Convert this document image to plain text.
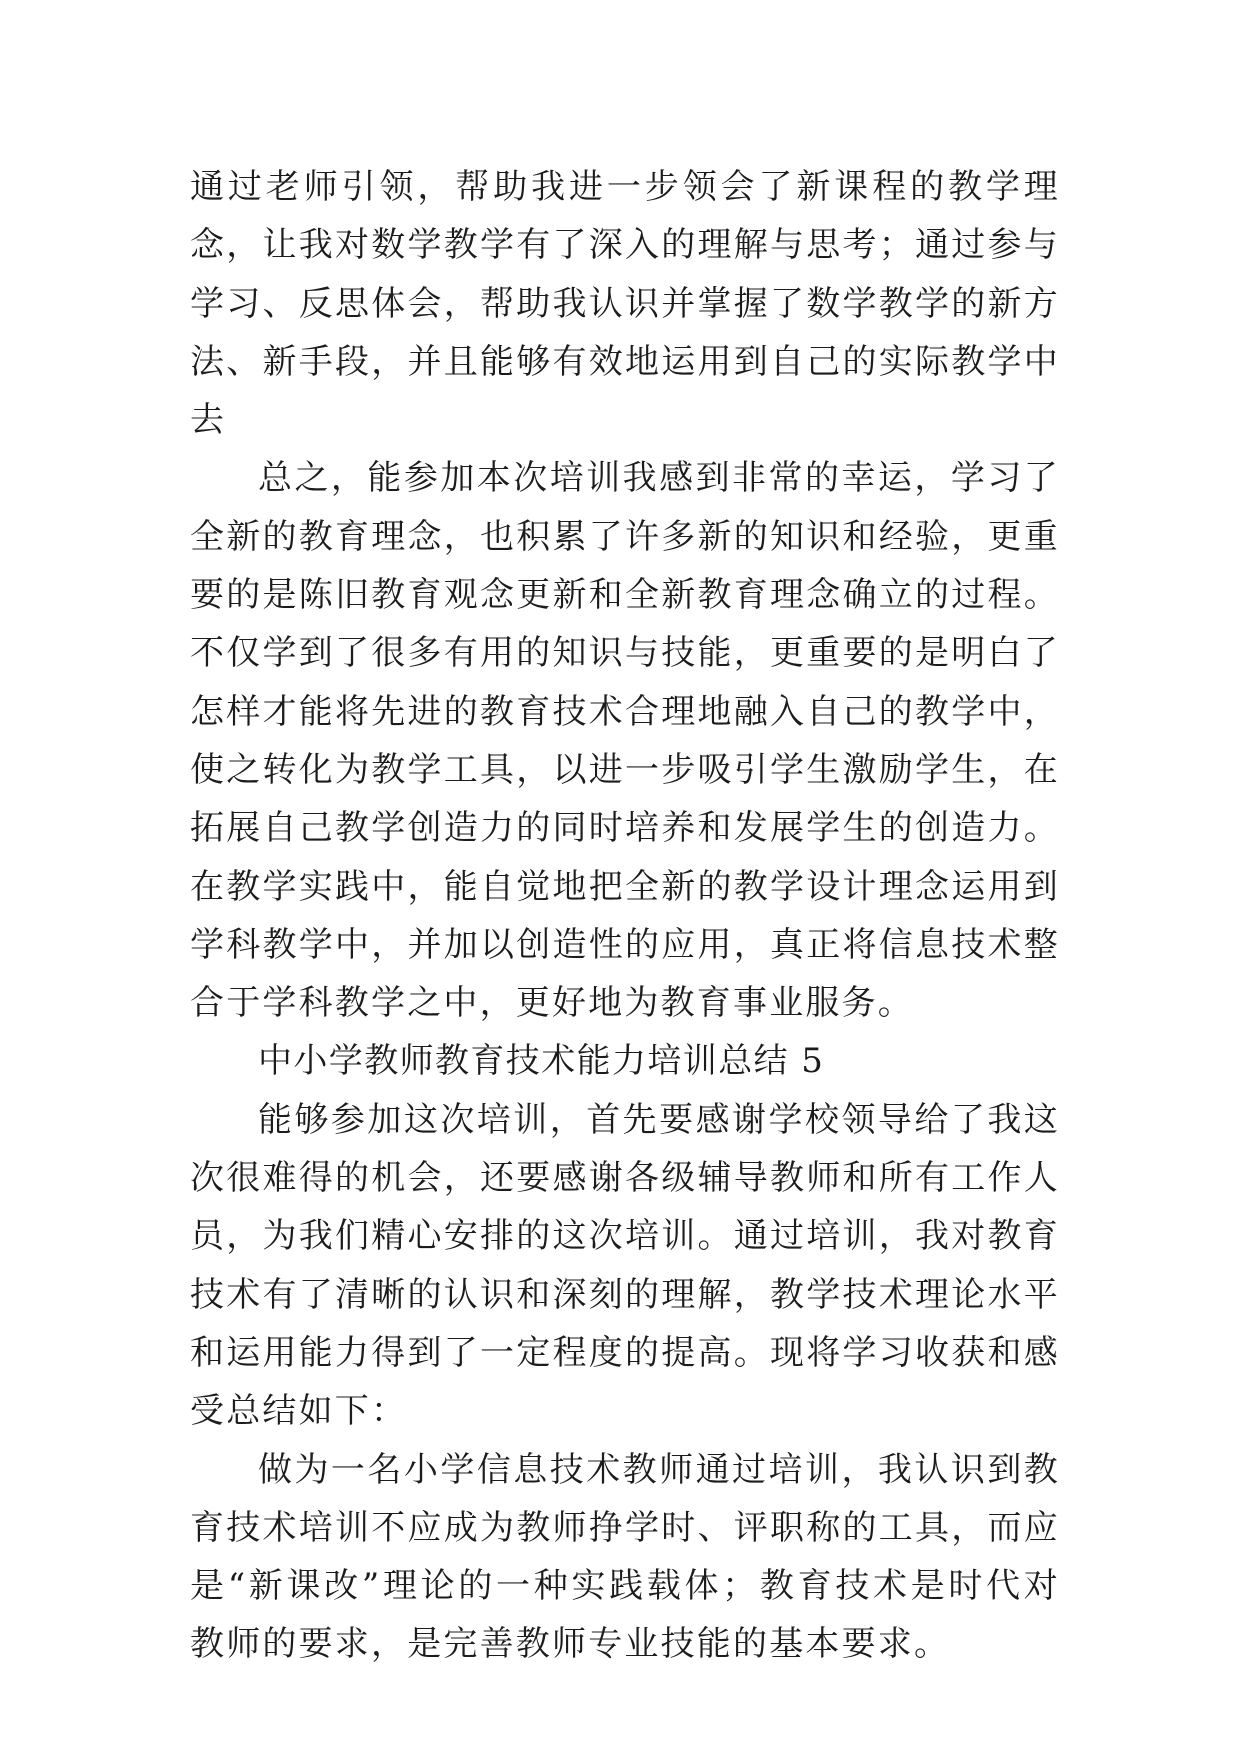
通过老师引领，帮助我进一步领会了新课程的教学理念，让我对数学教学有了深入的理解与思考；通过参与学习、反思体会，帮助我认识并掌握了数学教学的新方法、新手段，并且能够有效地运用到自己的实际教学中去

总之，能参加本次培训我感到非常的幸运，学习了全新的教育理念，也积累了许多新的知识和经验，更重要的是陈旧教育观念更新和全新教育理念确立的过程。不仅学到了很多有用的知识与技能，更重要的是明白了怎样才能将先进的教育技术合理地融入自己的教学中，使之转化为教学工具，以进一步吸引学生激励学生，在拓展自己教学创造力的同时培养和发展学生的创造力。在教学实践中，能自觉地把全新的教学设计理念运用到学科教学中，并加以创造性的应用，真正将信息技术整合于学科教学之中，更好地为教育事业服务。

中小学教师教育技术能力培训总结 5

能够参加这次培训，首先要感谢学校领导给了我这次很难得的机会，还要感谢各级辅导教师和所有工作人员，为我们精心安排的这次培训。通过培训，我对教育技术有了清晰的认识和深刻的理解，教学技术理论水平和运用能力得到了一定程度的提高。现将学习收获和感受总结如下：

做为一名小学信息技术教师通过培训，我认识到教育技术培训不应成为教师挣学时、评职称的工具，而应是“新课改”理论的一种实践载体；教育技术是时代对教师的要求，是完善教师专业技能的基本要求。
